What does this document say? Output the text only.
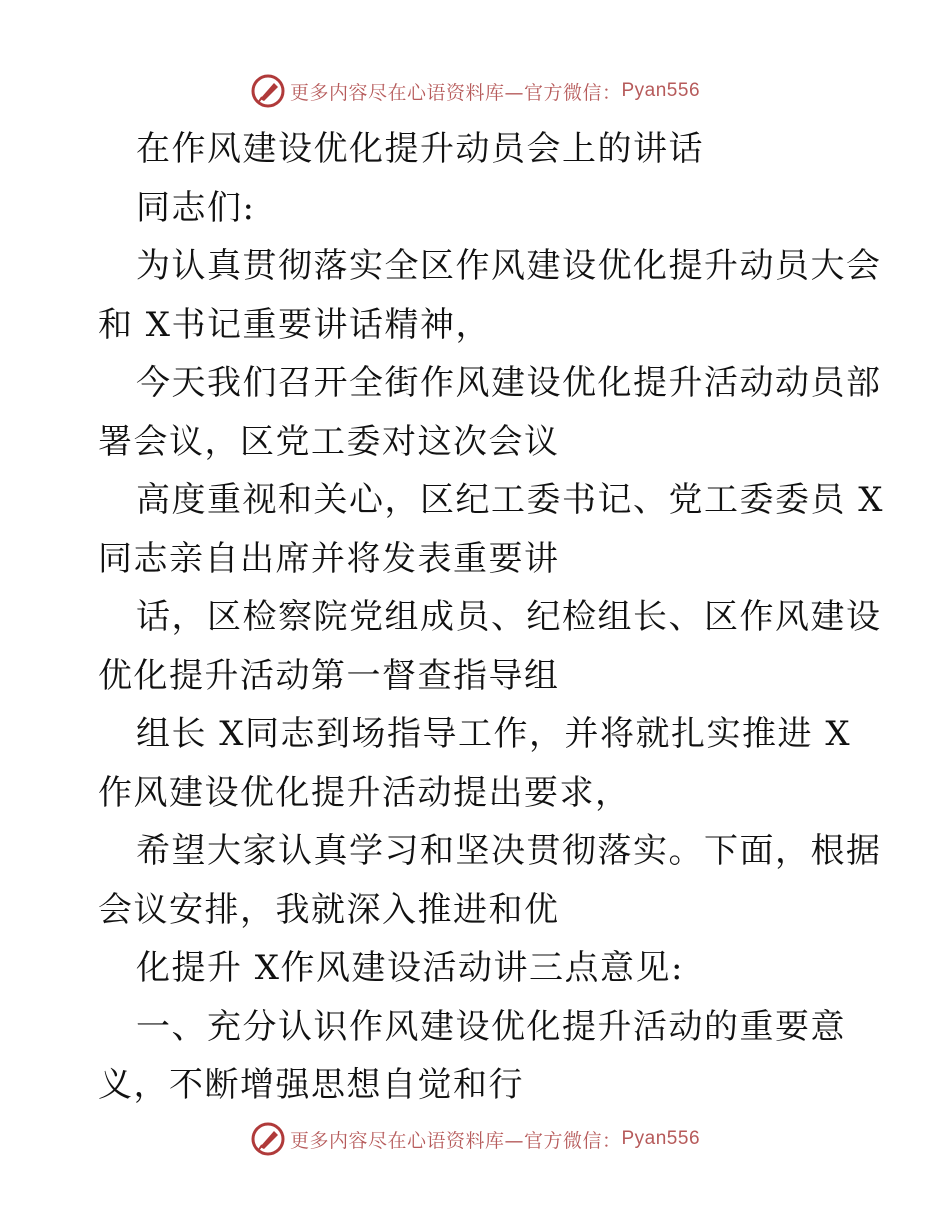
更多内容尽在心语资料库—官方微信： Pyan556

在作风建设优化提升动员会上的讲话

同志们:

为认真贯彻落实全区作风建设优化提升动员大会

和 X书记重要讲话精神，

今天我们召开全街作风建设优化提升活动动员部

署会议，区党工委对这次会议

高度重视和关心，区纪工委书记、党工委委员 X

同志亲自出席并将发表重要讲

话，区检察院党组成员、纪检组长、区作风建设

优化提升活动第一督查指导组

组长 X同志到场指导工作，并将就扎实推进 X

作风建设优化提升活动提出要求，

希望大家认真学习和坚决贯彻落实。下面，根据

会议安排，我就深入推进和优

化提升 X作风建设活动讲三点意见:

一、充分认识作风建设优化提升活动的重要意

义，不断增强思想自觉和行

更多内容尽在心语资料库—官方微信： Pyan556
